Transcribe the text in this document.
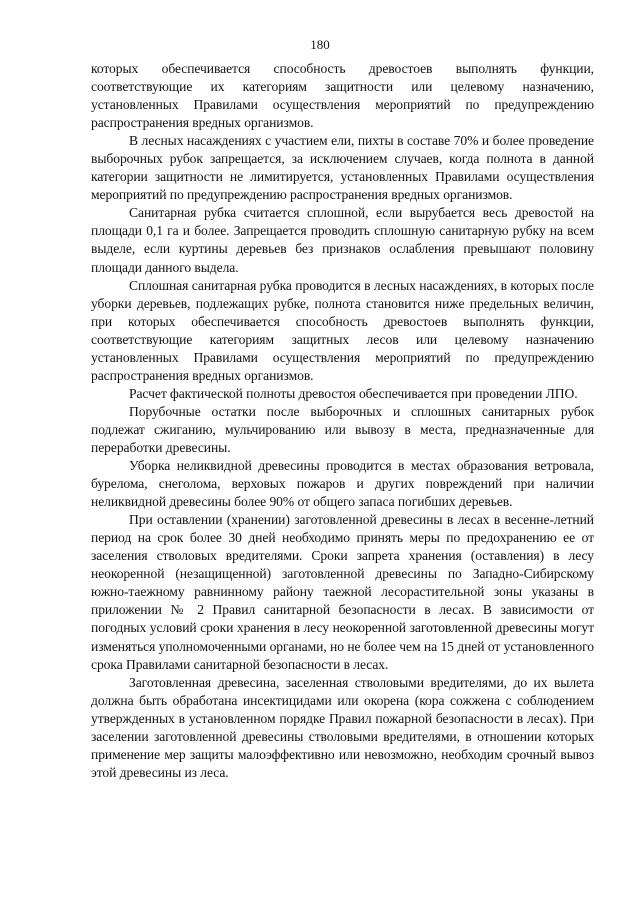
180

которых обеспечивается способность древостоев выполнять функции, соответствующие их категориям защитности или целевому назначению, установленных Правилами осуществления мероприятий по предупреждению распространения вредных организмов.

В лесных насаждениях с участием ели, пихты в составе 70% и более проведение выборочных рубок запрещается, за исключением случаев, когда полнота в данной категории защитности не лимитируется, установленных Правилами осуществления мероприятий по предупреждению распространения вредных организмов.

Санитарная рубка считается сплошной, если вырубается весь древостой на площади 0,1 га и более. Запрещается проводить сплошную санитарную рубку на всем выделе, если куртины деревьев без признаков ослабления превышают половину площади данного выдела.

Сплошная санитарная рубка проводится в лесных насаждениях, в которых после уборки деревьев, подлежащих рубке, полнота становится ниже предельных величин, при которых обеспечивается способность древостоев выполнять функции, соответствующие категориям защитных лесов или целевому назначению установленных Правилами осуществления мероприятий по предупреждению распространения вредных организмов.

Расчет фактической полноты древостоя обеспечивается при проведении ЛПО.

Порубочные остатки после выборочных и сплошных санитарных рубок подлежат сжиганию, мульчированию или вывозу в места, предназначенные для переработки древесины.

Уборка неликвидной древесины проводится в местах образования ветровала, бурелома, снеголома, верховых пожаров и других повреждений при наличии неликвидной древесины более 90% от общего запаса погибших деревьев.

При оставлении (хранении) заготовленной древесины в лесах в весенне-летний период на срок более 30 дней необходимо принять меры по предохранению ее от заселения стволовых вредителями. Сроки запрета хранения (оставления) в лесу неокоренной (незащищенной) заготовленной древесины по Западно-Сибирскому южно-таежному равнинному району таежной лесорастительной зоны указаны в приложении № 2 Правил санитарной безопасности в лесах. В зависимости от погодных условий сроки хранения в лесу неокоренной заготовленной древесины могут изменяться уполномоченными органами, но не более чем на 15 дней от установленного срока Правилами санитарной безопасности в лесах.

Заготовленная древесина, заселенная стволовыми вредителями, до их вылета должна быть обработана инсектицидами или окорена (кора сожжена с соблюдением утвержденных в установленном порядке Правил пожарной безопасности в лесах). При заселении заготовленной древесины стволовыми вредителями, в отношении которых применение мер защиты малоэффективно или невозможно, необходим срочный вывоз этой древесины из леса.
